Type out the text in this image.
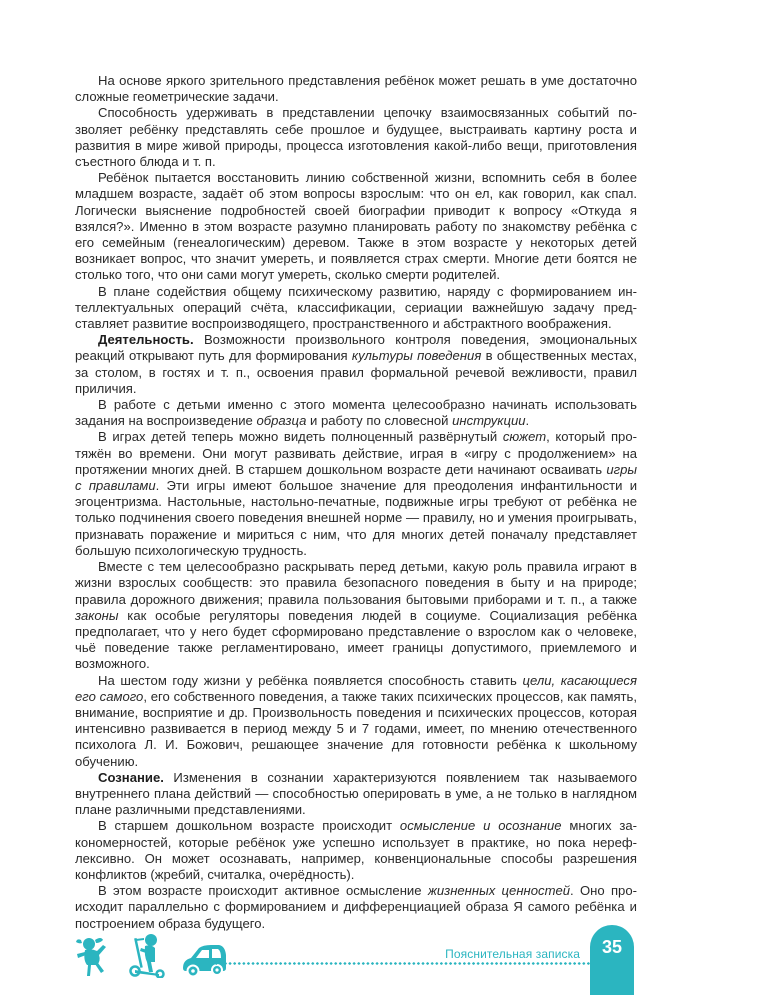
На основе яркого зрительного представления ребёнок может решать в уме достаточно сложные геометрические задачи.

Способность удерживать в представлении цепочку взаимосвязанных событий позволяет ребёнку представлять себе прошлое и будущее, выстраивать картину роста и развития в мире живой природы, процесса изготовления какой-либо вещи, приготовления съестного блюда и т. п.

Ребёнок пытается восстановить линию собственной жизни, вспомнить себя в более младшем возрасте, задаёт об этом вопросы взрослым: что он ел, как говорил, как спал. Логически выяснение подробностей своей биографии приводит к вопросу «Откуда я взялся?». Именно в этом возрасте разумно планировать работу по знакомству ребёнка с его семейным (генеалогическим) деревом. Также в этом возрасте у некоторых детей возникает вопрос, что значит умереть, и появляется страх смерти. Многие дети боятся не столько того, что они сами могут умереть, сколько смерти родителей.

В плане содействия общему психическому развитию, наряду с формированием интеллектуальных операций счёта, классификации, сериации важнейшую задачу представляет развитие воспроизводящего, пространственного и абстрактного воображения.

Деятельность. Возможности произвольного контроля поведения, эмоциональных реакций открывают путь для формирования культуры поведения в общественных местах, за столом, в гостях и т. п., освоения правил формальной речевой вежливости, правил приличия.

В работе с детьми именно с этого момента целесообразно начинать использовать задания на воспроизведение образца и работу по словесной инструкции.

В играх детей теперь можно видеть полноценный развёрнутый сюжет, который протяжён во времени. Они могут развивать действие, играя в «игру с продолжением» на протяжении многих дней. В старшем дошкольном возрасте дети начинают осваивать игры с правилами. Эти игры имеют большое значение для преодоления инфантильности и эгоцентризма. Настольные, настольно-печатные, подвижные игры требуют от ребёнка не только подчинения своего поведения внешней норме — правилу, но и умения проигрывать, признавать поражение и мириться с ним, что для многих детей поначалу представляет большую психологическую трудность.

Вместе с тем целесообразно раскрывать перед детьми, какую роль правила играют в жизни взрослых сообществ: это правила безопасного поведения в быту и на природе; правила дорожного движения; правила пользования бытовыми приборами и т. п., а также законы как особые регуляторы поведения людей в социуме. Социализация ребёнка предполагает, что у него будет сформировано представление о взрослом как о человеке, чьё поведение также регламентировано, имеет границы допустимого, приемлемого и возможного.

На шестом году жизни у ребёнка появляется способность ставить цели, касающиеся его самого, его собственного поведения, а также таких психических процессов, как память, внимание, восприятие и др. Произвольность поведения и психических процессов, которая интенсивно развивается в период между 5 и 7 годами, имеет, по мнению отечественного психолога Л. И. Божович, решающее значение для готовности ребёнка к школьному обучению.

Сознание. Изменения в сознании характеризуются появлением так называемого внутреннего плана действий — способностью оперировать в уме, а не только в наглядном плане различными представлениями.

В старшем дошкольном возрасте происходит осмысление и осознание многих закономерностей, которые ребёнок уже успешно использует в практике, но пока нерефлексивно. Он может осознавать, например, конвенциональные способы разрешения конфликтов (жребий, считалка, очерёдность).

В этом возрасте происходит активное осмысление жизненных ценностей. Оно происходит параллельно с формированием и дифференциацией образа Я самого ребёнка и построением образа будущего.

Пояснительная записка	35
